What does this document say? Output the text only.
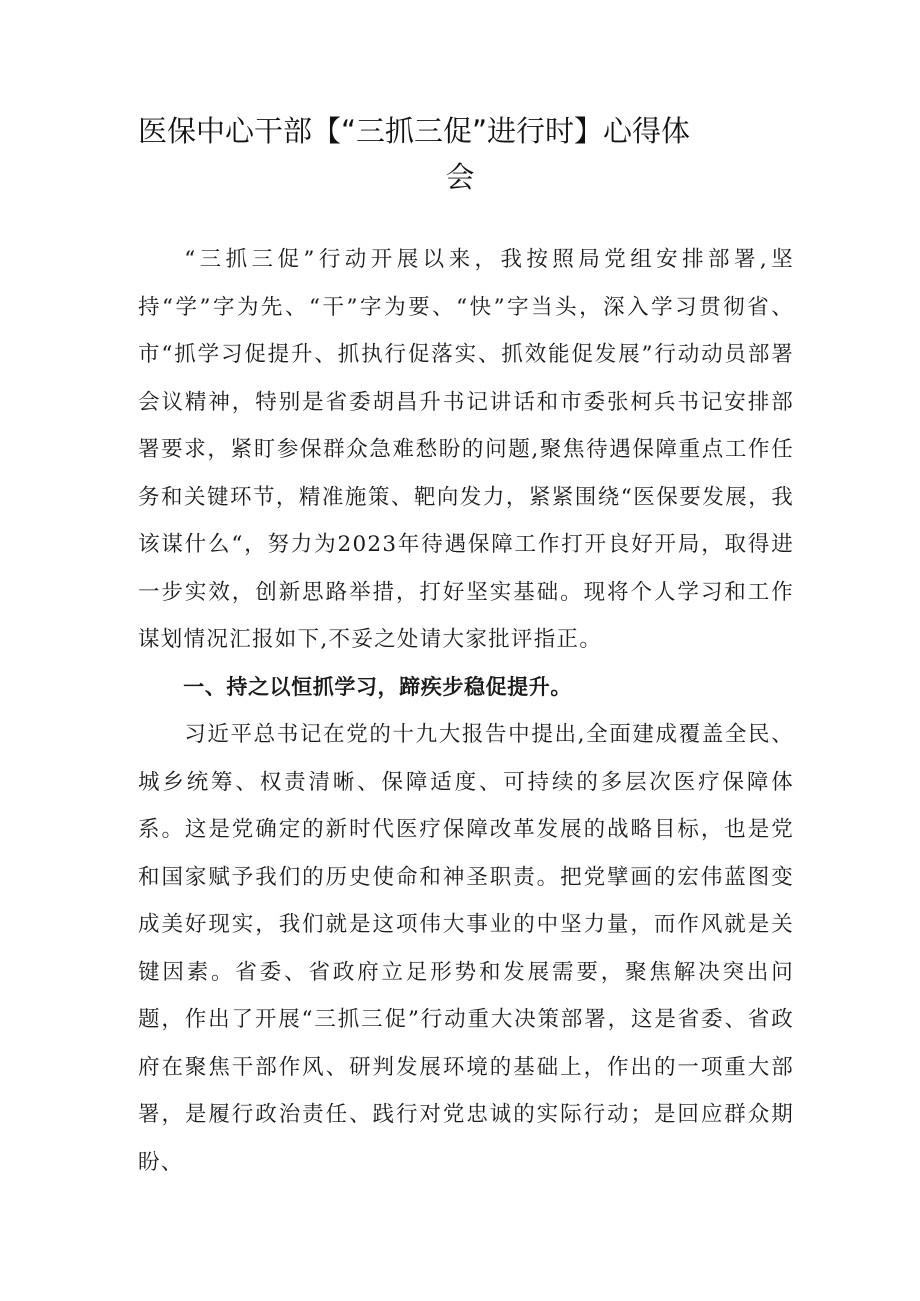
医保中心干部【“三抓三促”进行时】心得体
会

“三抓三促”行动开展以来，我按照局党组安排部署,坚持“学”字为先、“干”字为要、“快”字当头，深入学习贯彻省、市“抓学习促提升、抓执行促落实、抓效能促发展”行动动员部署会议精神，特别是省委胡昌升书记讲话和市委张柯兵书记安排部署要求，紧盯参保群众急难愁盼的问题,聚焦待遇保障重点工作任务和关键环节，精准施策、靶向发力，紧紧围绕“医保要发展，我该谋什么“，努力为2023年待遇保障工作打开良好开局，取得进一步实效，创新思路举措，打好坚实基础。现将个人学习和工作谋划情况汇报如下,不妥之处请大家批评指正。

一、持之以恒抓学习，蹄疾步稳促提升。

习近平总书记在党的十九大报告中提出,全面建成覆盖全民、城乡统筹、权责清晰、保障适度、可持续的多层次医疗保障体系。这是党确定的新时代医疗保障改革发展的战略目标，也是党和国家赋予我们的历史使命和神圣职责。把党擘画的宏伟蓝图变成美好现实，我们就是这项伟大事业的中坚力量，而作风就是关键因素。省委、省政府立足形势和发展需要，聚焦解决突出问题，作出了开展“三抓三促”行动重大决策部署，这是省委、省政府在聚焦干部作风、研判发展环境的基础上，作出的一项重大部署，是履行政治责任、践行对党忠诚的实际行动；是回应群众期盼、
